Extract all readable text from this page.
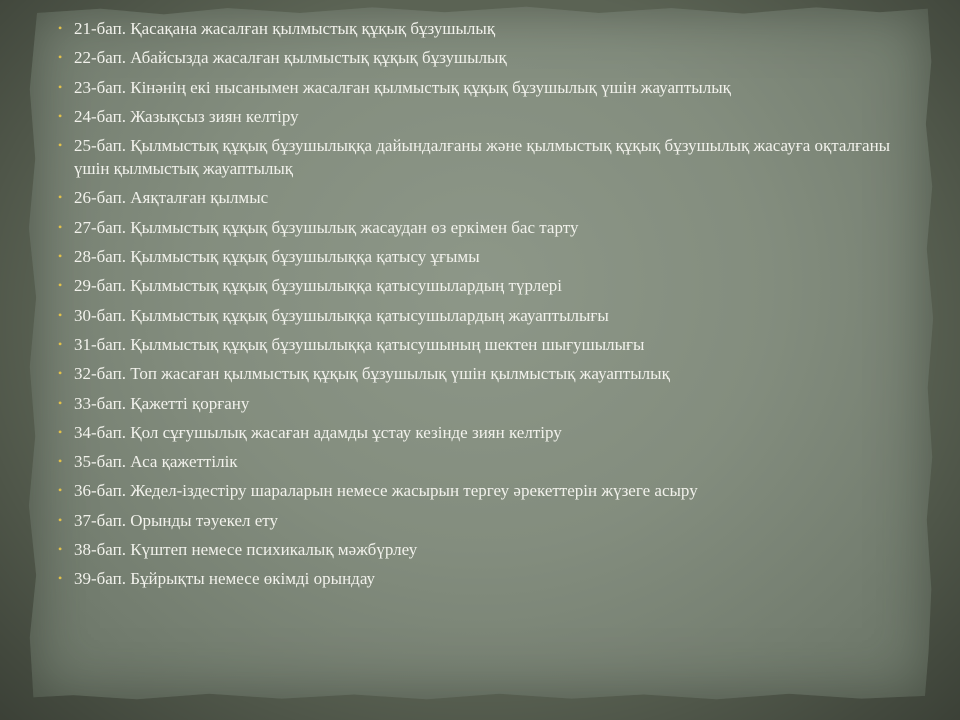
• 21-бап. Қасақана жасалған қылмыстық құқық бұзушылық
• 22-бап. Абайсызда жасалған қылмыстық құқық бұзушылық
• 23-бап. Кінәнің екі нысанымен жасалған қылмыстық құқық бұзушылық үшін жауаптылық
• 24-бап. Жазықсыз зиян келтіру
• 25-бап. Қылмыстық құқық бұзушылыққа дайындалғаны және қылмыстық құқық бұзушылық жасауға оқталғаны үшін қылмыстық жауаптылық
• 26-бап. Аяқталған қылмыс
• 27-бап. Қылмыстық құқық бұзушылық жасаудан өз еркімен бас тарту
• 28-бап. Қылмыстық құқық бұзушылыққа қатысу ұғымы
• 29-бап. Қылмыстық құқық бұзушылыққа қатысушылардың түрлері
• 30-бап. Қылмыстық құқық бұзушылыққа қатысушылардың жауаптылығы
• 31-бап. Қылмыстық құқық бұзушылыққа қатысушының шектен шығушылығы
• 32-бап. Топ жасаған қылмыстық құқық бұзушылық үшін қылмыстық жауаптылық
• 33-бап. Қажетті қорғану
• 34-бап. Қол сұғушылық жасаған адамды ұстау кезінде зиян келтіру
• 35-бап. Аса қажеттілік
• 36-бап. Жедел-іздестіру шараларын немесе жасырын тергеу әрекеттерін жүзеге асыру
• 37-бап. Орынды тәуекел ету
• 38-бап. Күштеп немесе психикалық мәжбүрлеу
• 39-бап. Бұйрықты немесе өкімді орындау
